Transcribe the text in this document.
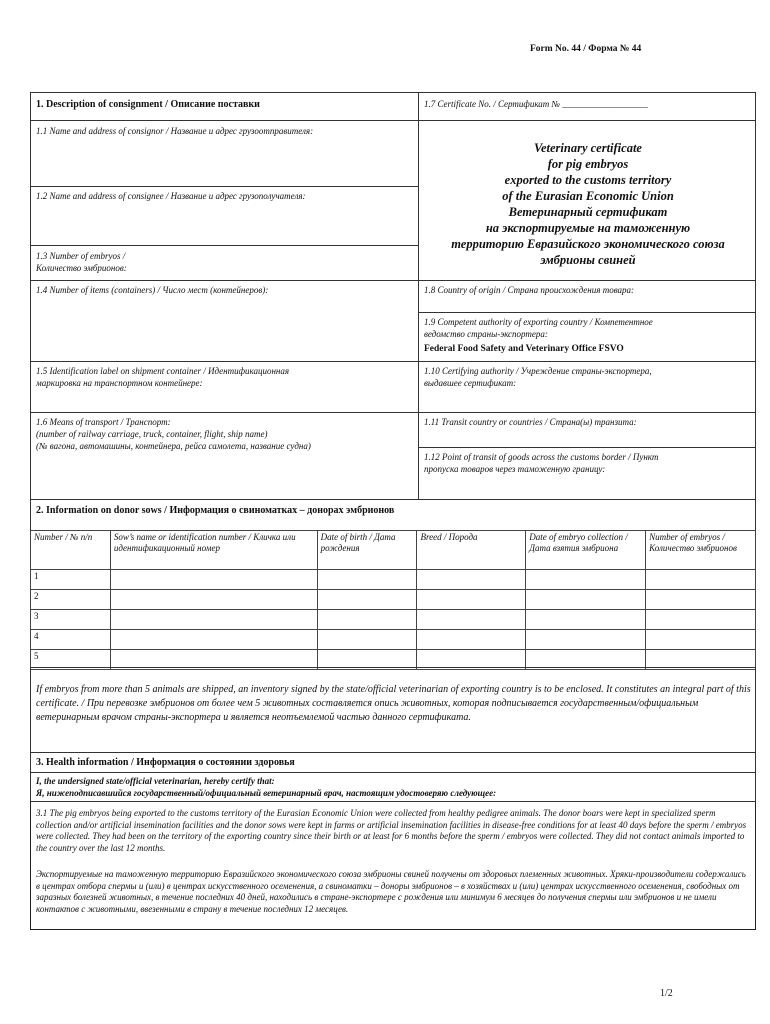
Form No. 44 / Форма № 44
1. Description of consignment / Описание поставки	1.7 Certificate No. / Сертификат № ___________________
1.1 Name and address of consignor / Название и адрес грузоотправителя:
1.2 Name and address of consignee / Название и адрес грузополучателя:
1.3 Number of embryos /
Количество эмбрионов:
Veterinary certificate
for pig embryos
exported to the customs territory
of the Eurasian Economic Union
Ветеринарный сертификат
на экспортируемые на таможенную
территорию Евразийского экономического союза
эмбрионы свиней
1.4 Number of items (containers) / Число мест (контейнеров):	1.8 Country of origin / Страна происхождения товара:
1.9 Competent authority of exporting country / Компетентное
ведомство страны-экспортера:
Federal Food Safety and Veterinary Office FSVO
1.5 Identification label on shipment container / Идентификационная
маркировка на транспортном контейнере:
1.10 Certifying authority / Учреждение страны-экспортера,
выдавшее сертификат:
1.6 Means of transport / Транспорт:
(number of railway carriage, truck, container, flight, ship name)
(№ вагона, автомашины, контейнера, рейса самолета, название судна)
1.11 Transit country or countries / Страна(ы) транзита:
1.12 Point of transit of goods across the customs border / Пункт
пропуска товаров через таможенную границу:
2. Information on donor sows / Информация о свиноматках – донорах эмбрионов
Number / № п/п	Sow’s name or identification number / Кличка или идентификационный номер	Date of birth / Дата рождения	Breed / Порода	Date of embryo collection / Дата взятия эмбриона	Number of embryos / Количество эмбрионов
1					
2					
3					
4					
5					
If embryos from more than 5 animals are shipped, an inventory signed by the state/official veterinarian of exporting country is to be enclosed. It constitutes an integral part of this certificate. / При перевозке эмбрионов от более чем 5 животных составляется опись животных, которая подписывается государственным/официальным ветеринарным врачом страны-экспортера и является неотъемлемой частью данного сертификата.
3. Health information / Информация о состоянии здоровья
I, the undersigned state/official veterinarian, hereby certify that:
Я, нижеподписавшийся государственный/официальный ветеринарный врач, настоящим удостоверяю следующее:
3.1 The pig embryos being exported to the customs territory of the Eurasian Economic Union were collected from healthy pedigree animals. The donor boars were kept in specialized sperm collection and/or artificial insemination facilities and the donor sows were kept in farms or artificial insemination facilities in disease-free conditions for at least 40 days before the sperm / embryos were collected. They had been on the territory of the exporting country since their birth or at least for 6 months before the sperm / embryos were collected. They did not contact animals imported to the country over the last 12 months.
Экспортируемые на таможенную территорию Евразийского экономического союза эмбрионы свиней получены от здоровых племенных животных. Хряки-производители содержались в центрах отбора спермы и (или) в центрах искусственного осеменения, а свиноматки – доноры эмбрионов – в хозяйствах и (или) центрах искусственного осеменения, свободных от заразных болезней животных, в течение последних 40 дней, находились в стране-экспортере с рождения или минимум 6 месяцев до получения спермы или эмбрионов и не имели контактов с животными, ввезенными в страну в течение последних 12 месяцев.
1/2
